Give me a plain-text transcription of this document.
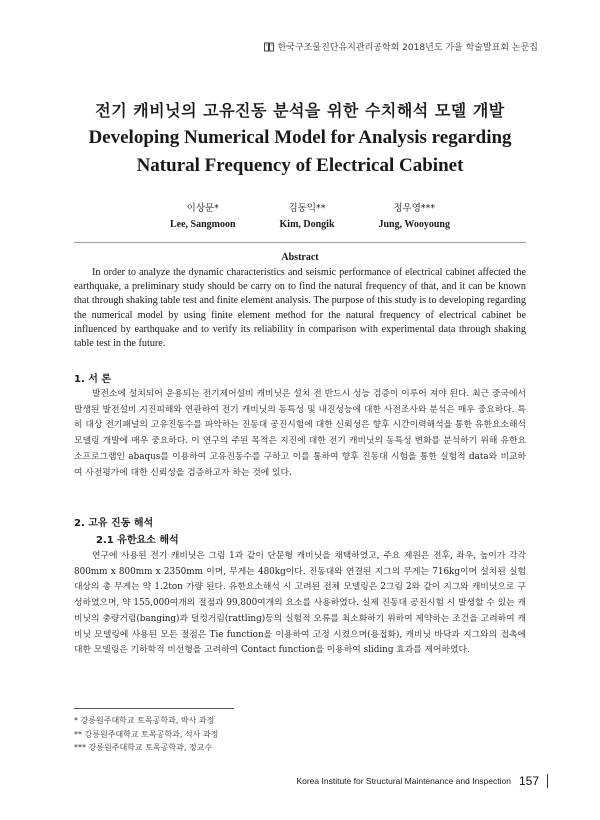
한국구조물진단유지관리공학회 2018년도 가을 학술발표회 논문집
전기 캐비닛의 고유진동 분석을 위한 수치해석 모델 개발
Developing Numerical Model for Analysis regarding
Natural Frequency of Electrical Cabinet
이상문*
Lee, Sangmoon
김동익**
Kim, Dongik
정우영***
Jung, Wooyoung
Abstract

In order to analyze the dynamic characteristics and seismic performance of electrical cabinet affected the earthquake, a preliminary study should be carry on to find the natural frequency of that, and it can be known that through shaking table test and finite element analysis. The purpose of this study is to developing regarding the numerical model by using finite element method for the natural frequency of electrical cabinet be influenced by earthquake and to verify its reliability in comparison with experimental data through shaking table test in the future.

1. 서 론

발전소에 설치되어 운용되는 전기제어설비 캐비닛은 설치 전 반드시 성능 검증이 이루어 져야 된다. 최근 중국에서 발생된 발전설비 지진피해와 연관하여 전기 캐비닛의 동특성 및 내진성능에 대한 사전조사와 분석은 매우 중요하다. 특히 대상 전기패널의 고유진동수를 파악하는 진동대 공진시험에 대한 신뢰성은 향후 시간이력해석을 통한 유한요소해석 모델링 개발에 매우 중요하다. 이 연구의 주된 목적은 지진에 대한 전기 캐비닛의 동특성 변화를 분석하기 위해 유한요소프로그램인 abaqus를 이용하여 고유진동수를 구하고 이를 통하여 향후 진동대 시험을 통한 실험적 data와 비교하여 사전평가에 대한 신뢰성을 검증하고자 하는 것에 있다.

2. 고유 진동 해석
2.1 유한요소 해석

연구에 사용된 전기 캐비닛은 그림 1과 같이 단문형 캐비닛을 채택하였고, 주요 제원은 전후, 좌우, 높이가 각각 800mm x 800mm x 2350mm 이며, 무게는 480kg이다. 진동대와 연결된 지그의 무게는 716kg이며 설치된 실험대상의 총 무게는 약 1.2ton 가량 된다. 유한요소해석 시 고려된 전체 모델링은 2그림 2와 같이 지그와 캐비닛으로 구성하였으며, 약 155,000여개의 절점과 99,800여개의 요소를 사용하였다. 실제 진동대 공진시험 시 발생할 수 있는 캐비닛의 충량거림(banging)과 덜컹거림(rattling)등의 실험적 오류를 최소화하기 위하여 제약하는 조건을 고려하여 캐비닛 모델링에 사용된 모든 절점은 Tie function을 이용하여 고정 시켰으며(용접화), 캐비닛 바닥과 지그와의 접촉에 대한 모델링은 기하학적 비선형을 고려하여 Contact function을 이용하여 sliding 효과를 제어하였다.

* 강릉원주대학교 토목공학과, 박사 과정
** 강릉원주대학교 토목공학과, 석사 과정
*** 강릉원주대학교 토목공학과, 정교수
Korea Institute for Structural Maintenance and Inspection 157
